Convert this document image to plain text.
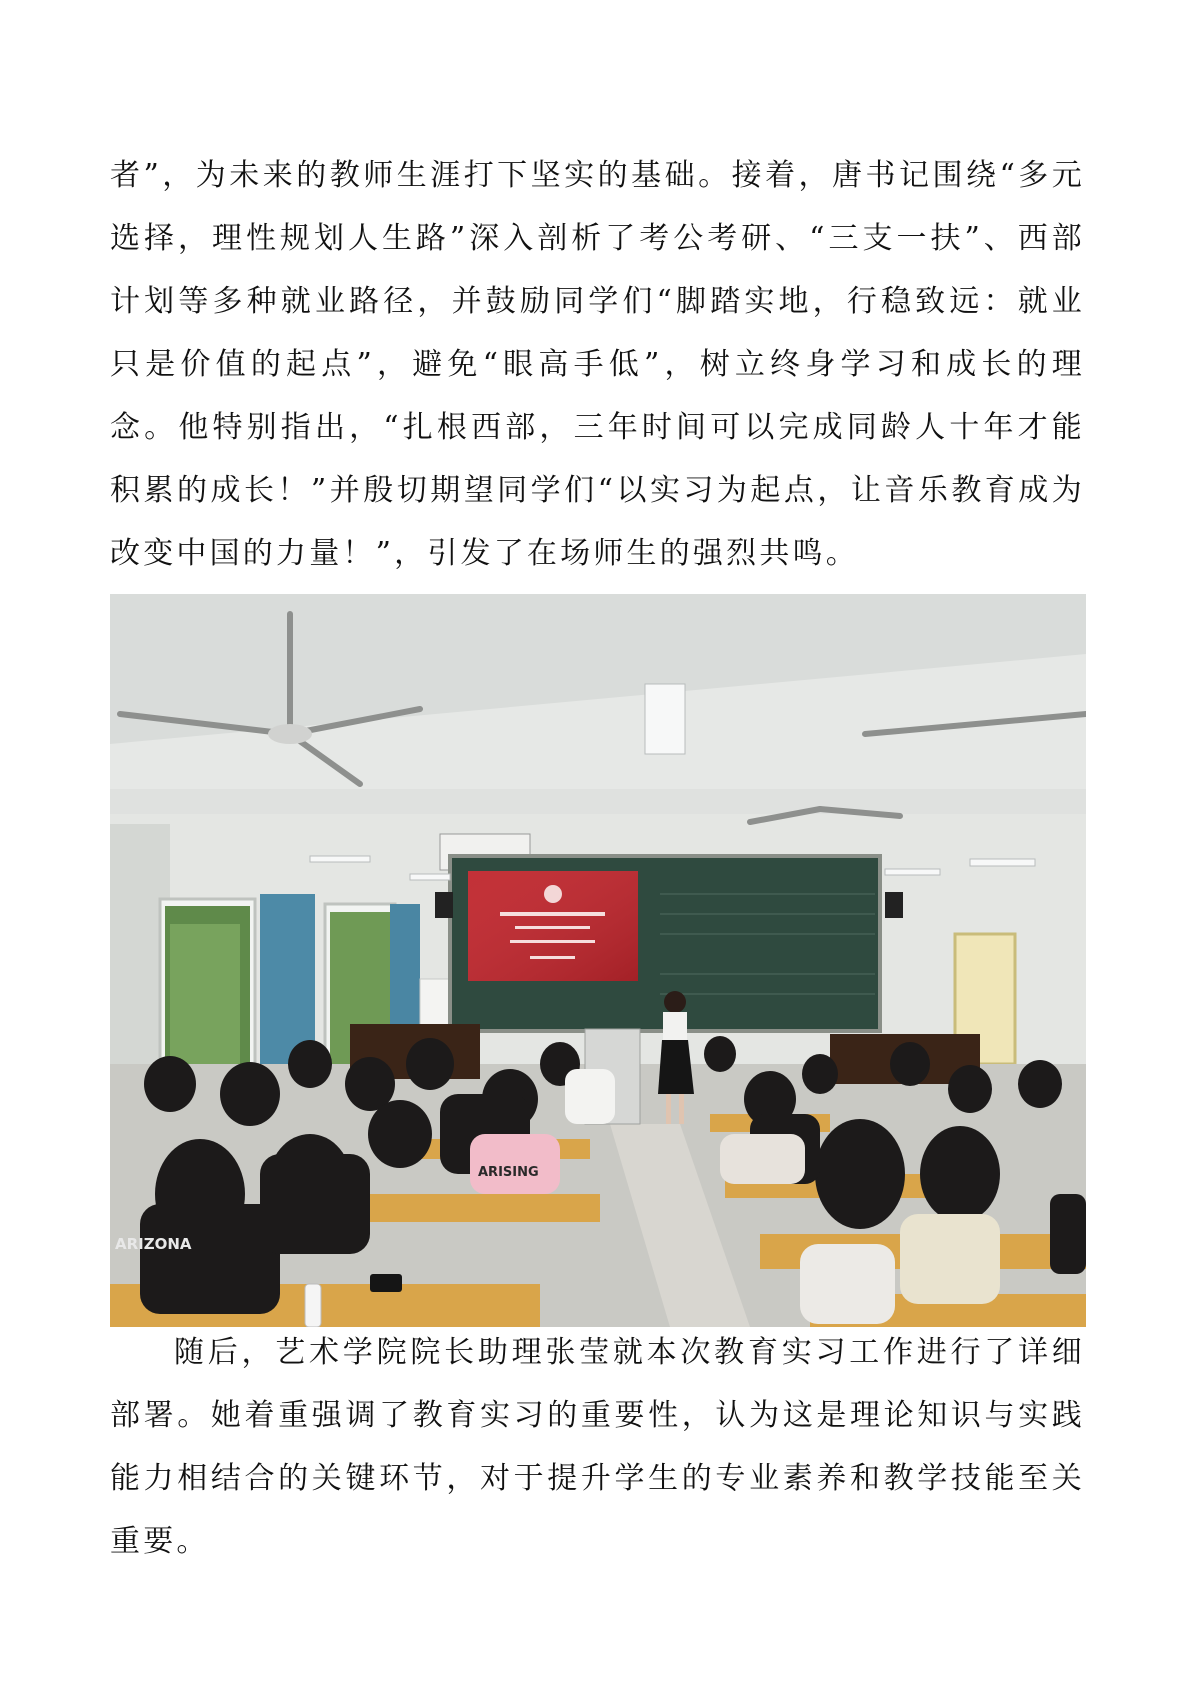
者”，为未来的教师生涯打下坚实的基础。接着，唐书记围绕“多元选择，理性规划人生路”深入剖析了考公考研、“三支一扶”、西部计划等多种就业路径，并鼓励同学们“脚踏实地，行稳致远：就业只是价值的起点”，避免“眼高手低”，树立终身学习和成长的理念。他特别指出，“扎根西部，三年时间可以完成同龄人十年才能积累的成长！”并殷切期望同学们“以实习为起点，让音乐教育成为改变中国的力量！”，引发了在场师生的强烈共鸣。

ARISING
ARIZONA

随后，艺术学院院长助理张莹就本次教育实习工作进行了详细部署。她着重强调了教育实习的重要性，认为这是理论知识与实践能力相结合的关键环节，对于提升学生的专业素养和教学技能至关重要。
